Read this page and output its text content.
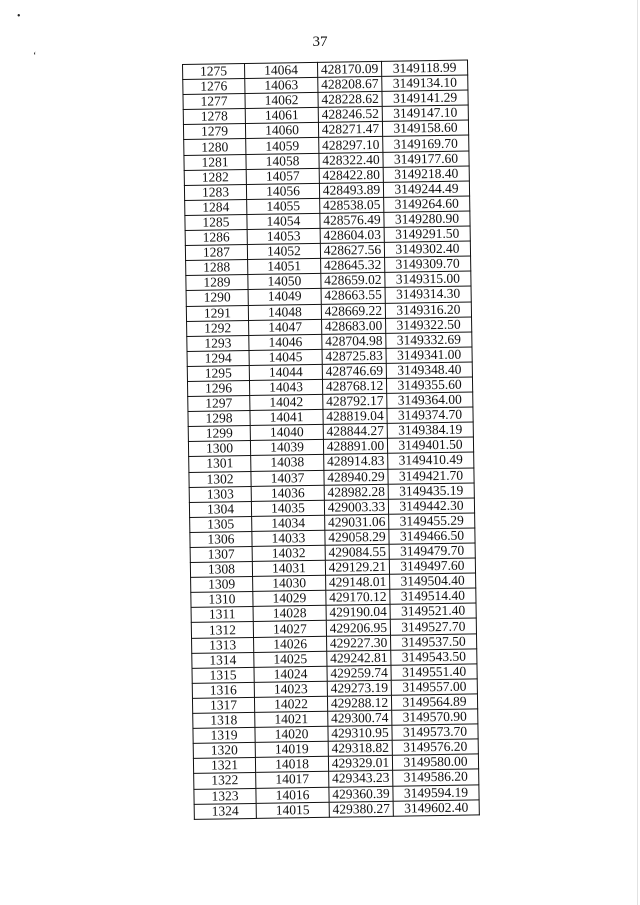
•
‘
37
1275	14064	428170.09	3149118.99
1276	14063	428208.67	3149134.10
1277	14062	428228.62	3149141.29
1278	14061	428246.52	3149147.10
1279	14060	428271.47	3149158.60
1280	14059	428297.10	3149169.70
1281	14058	428322.40	3149177.60
1282	14057	428422.80	3149218.40
1283	14056	428493.89	3149244.49
1284	14055	428538.05	3149264.60
1285	14054	428576.49	3149280.90
1286	14053	428604.03	3149291.50
1287	14052	428627.56	3149302.40
1288	14051	428645.32	3149309.70
1289	14050	428659.02	3149315.00
1290	14049	428663.55	3149314.30
1291	14048	428669.22	3149316.20
1292	14047	428683.00	3149322.50
1293	14046	428704.98	3149332.69
1294	14045	428725.83	3149341.00
1295	14044	428746.69	3149348.40
1296	14043	428768.12	3149355.60
1297	14042	428792.17	3149364.00
1298	14041	428819.04	3149374.70
1299	14040	428844.27	3149384.19
1300	14039	428891.00	3149401.50
1301	14038	428914.83	3149410.49
1302	14037	428940.29	3149421.70
1303	14036	428982.28	3149435.19
1304	14035	429003.33	3149442.30
1305	14034	429031.06	3149455.29
1306	14033	429058.29	3149466.50
1307	14032	429084.55	3149479.70
1308	14031	429129.21	3149497.60
1309	14030	429148.01	3149504.40
1310	14029	429170.12	3149514.40
1311	14028	429190.04	3149521.40
1312	14027	429206.95	3149527.70
1313	14026	429227.30	3149537.50
1314	14025	429242.81	3149543.50
1315	14024	429259.74	3149551.40
1316	14023	429273.19	3149557.00
1317	14022	429288.12	3149564.89
1318	14021	429300.74	3149570.90
1319	14020	429310.95	3149573.70
1320	14019	429318.82	3149576.20
1321	14018	429329.01	3149580.00
1322	14017	429343.23	3149586.20
1323	14016	429360.39	3149594.19
1324	14015	429380.27	3149602.40
